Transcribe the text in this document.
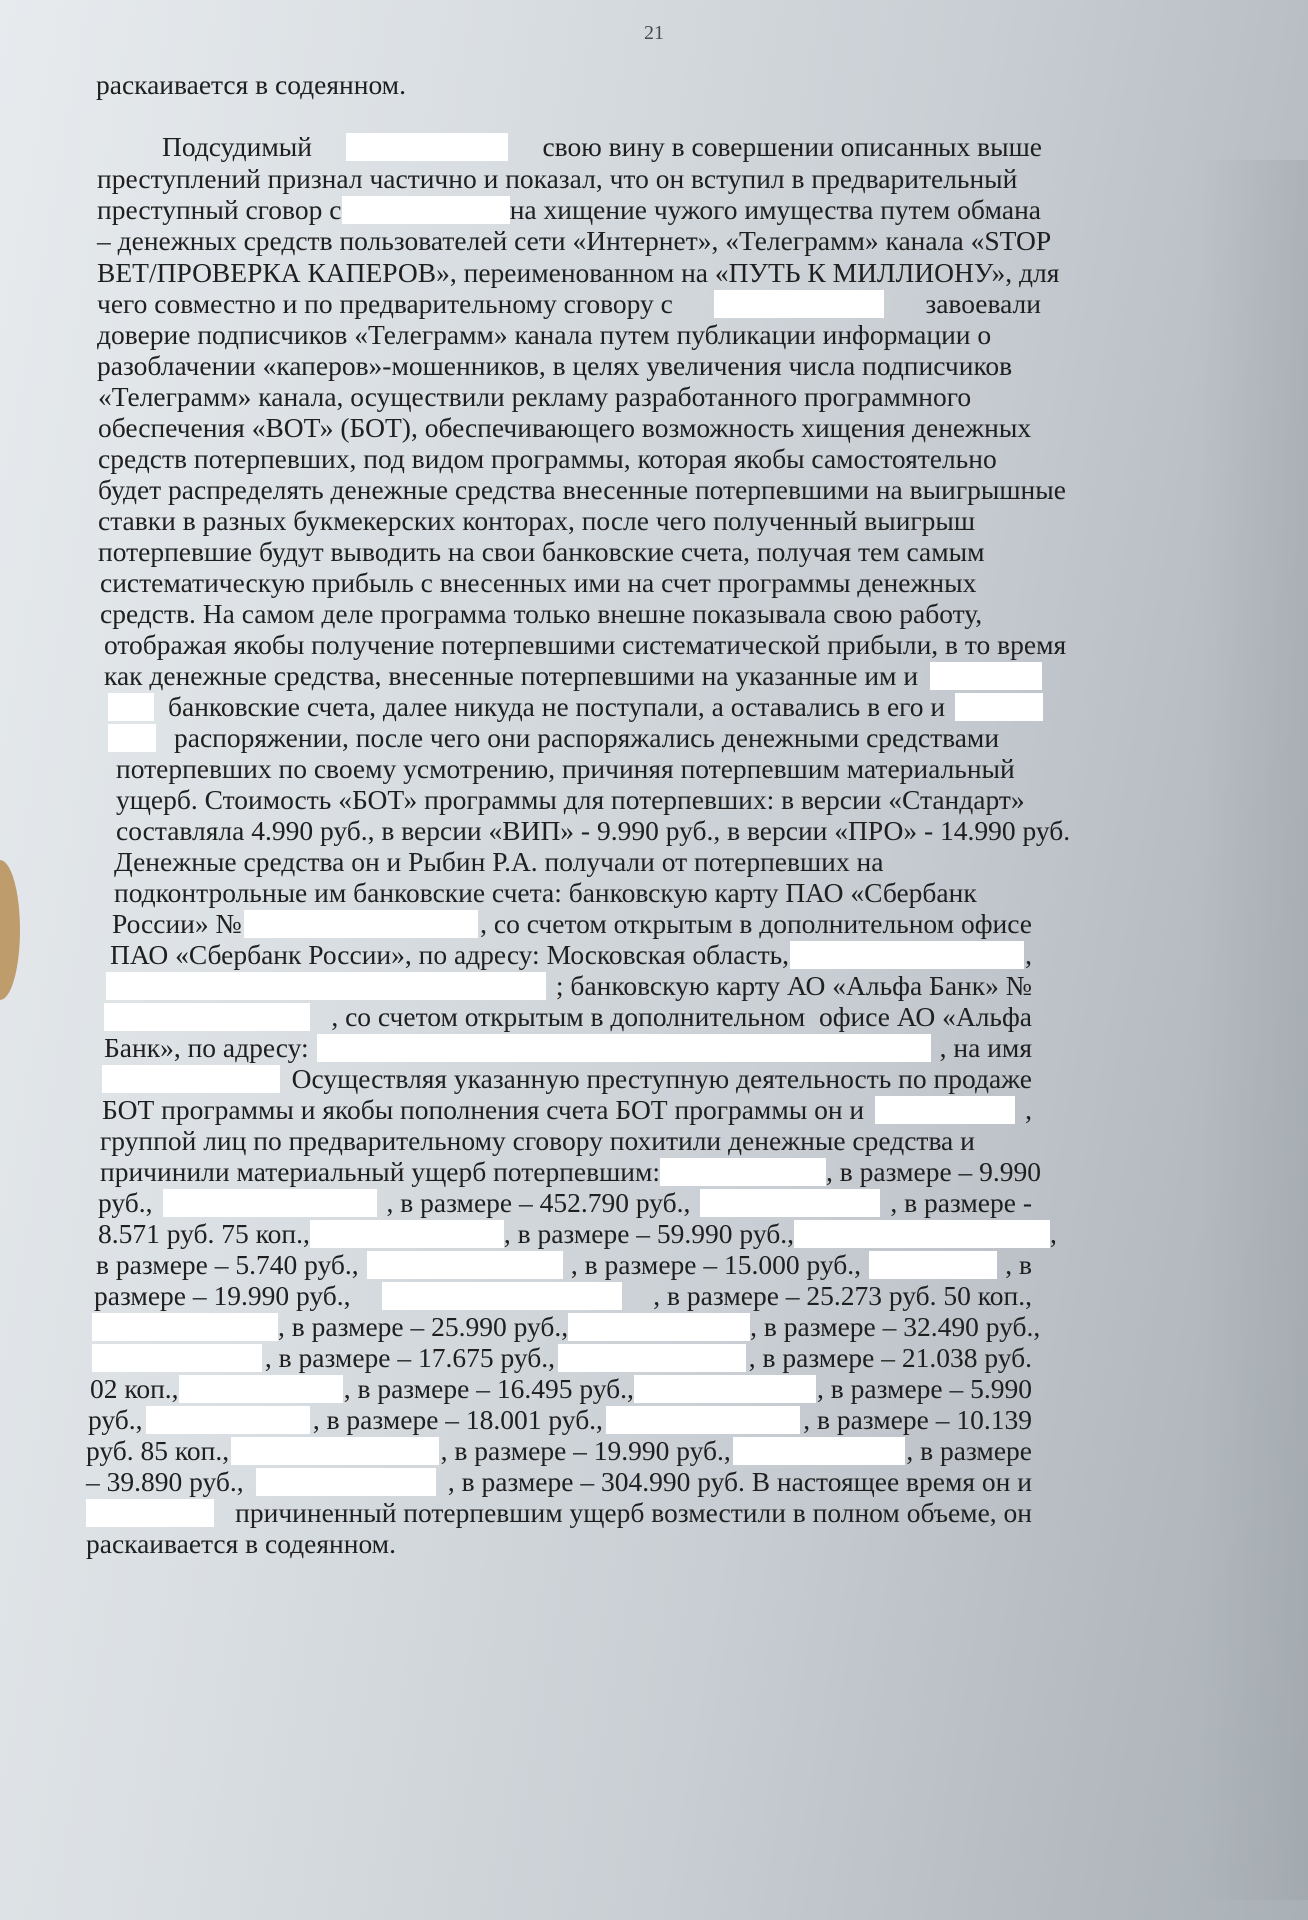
21
раскаивается в содеянном.
Подсудимый	свою вину в совершении описанных выше
преступлений признал частично и показал, что он вступил в предварительный
преступный сговор с	на хищение чужого имущества путем обмана
– денежных средств пользователей сети «Интернет», «Телеграмм» канала «STOP
BET/ПРОВЕРКА КАПЕРОВ», переименованном на «ПУТЬ К МИЛЛИОНУ», для
чего совместно и по предварительному сговору с	завоевали
доверие подписчиков «Телеграмм» канала путем публикации информации о
разоблачении «каперов»-мошенников, в целях увеличения числа подписчиков
«Телеграмм» канала, осуществили рекламу разработанного программного
обеспечения «ВОТ» (БОТ), обеспечивающего возможность хищения денежных
средств потерпевших, под видом программы, которая якобы самостоятельно
будет распределять денежные средства внесенные потерпевшими на выигрышные
ставки в разных букмекерских конторах, после чего полученный выигрыш
потерпевшие будут выводить на свои банковские счета, получая тем самым
систематическую прибыль с внесенных ими на счет программы денежных
средств. На самом деле программа только внешне показывала свою работу,
отображая якобы получение потерпевшими систематической прибыли, в то время
как денежные средства, внесенные потерпевшими на указанные им и
банковские счета, далее никуда не поступали, а оставались в его и
распоряжении, после чего они распоряжались денежными средствами
потерпевших по своему усмотрению, причиняя потерпевшим материальный
ущерб. Стоимость «БОТ» программы для потерпевших: в версии «Стандарт»
составляла 4.990 руб., в версии «ВИП» - 9.990 руб., в версии «ПРО» - 14.990 руб.
Денежные средства он и Рыбин Р.А. получали от потерпевших на
подконтрольные им банковские счета: банковскую карту ПАО «Сбербанк
России» №	, со счетом открытым в дополнительном офисе
ПАО «Сбербанк России», по адресу: Московская область,	,
; банковскую карту АО «Альфа Банк» №
, со счетом открытым в дополнительном  офисе АО «Альфа
Банк», по адресу:	, на имя
Осуществляя указанную преступную деятельность по продаже
БОТ программы и якобы пополнения счета БОТ программы он и	,
группой лиц по предварительному сговору похитили денежные средства и
причинили материальный ущерб потерпевшим:	, в размере – 9.990
руб.,	, в размере – 452.790 руб.,	, в размере -
8.571 руб. 75 коп.,	, в размере – 59.990 руб.,	,
в размере – 5.740 руб.,	, в размере – 15.000 руб.,	, в
размере – 19.990 руб.,	, в размере – 25.273 руб. 50 коп.,
, в размере – 25.990 руб.,	, в размере – 32.490 руб.,
, в размере – 17.675 руб.,	, в размере – 21.038 руб.
02 коп.,	, в размере – 16.495 руб.,	, в размере – 5.990
руб.,	, в размере – 18.001 руб.,	, в размере – 10.139
руб. 85 коп.,	, в размере – 19.990 руб.,	, в размере
– 39.890 руб.,	, в размере – 304.990 руб. В настоящее время он и
причиненный потерпевшим ущерб возместили в полном объеме, он
раскаивается в содеянном.
